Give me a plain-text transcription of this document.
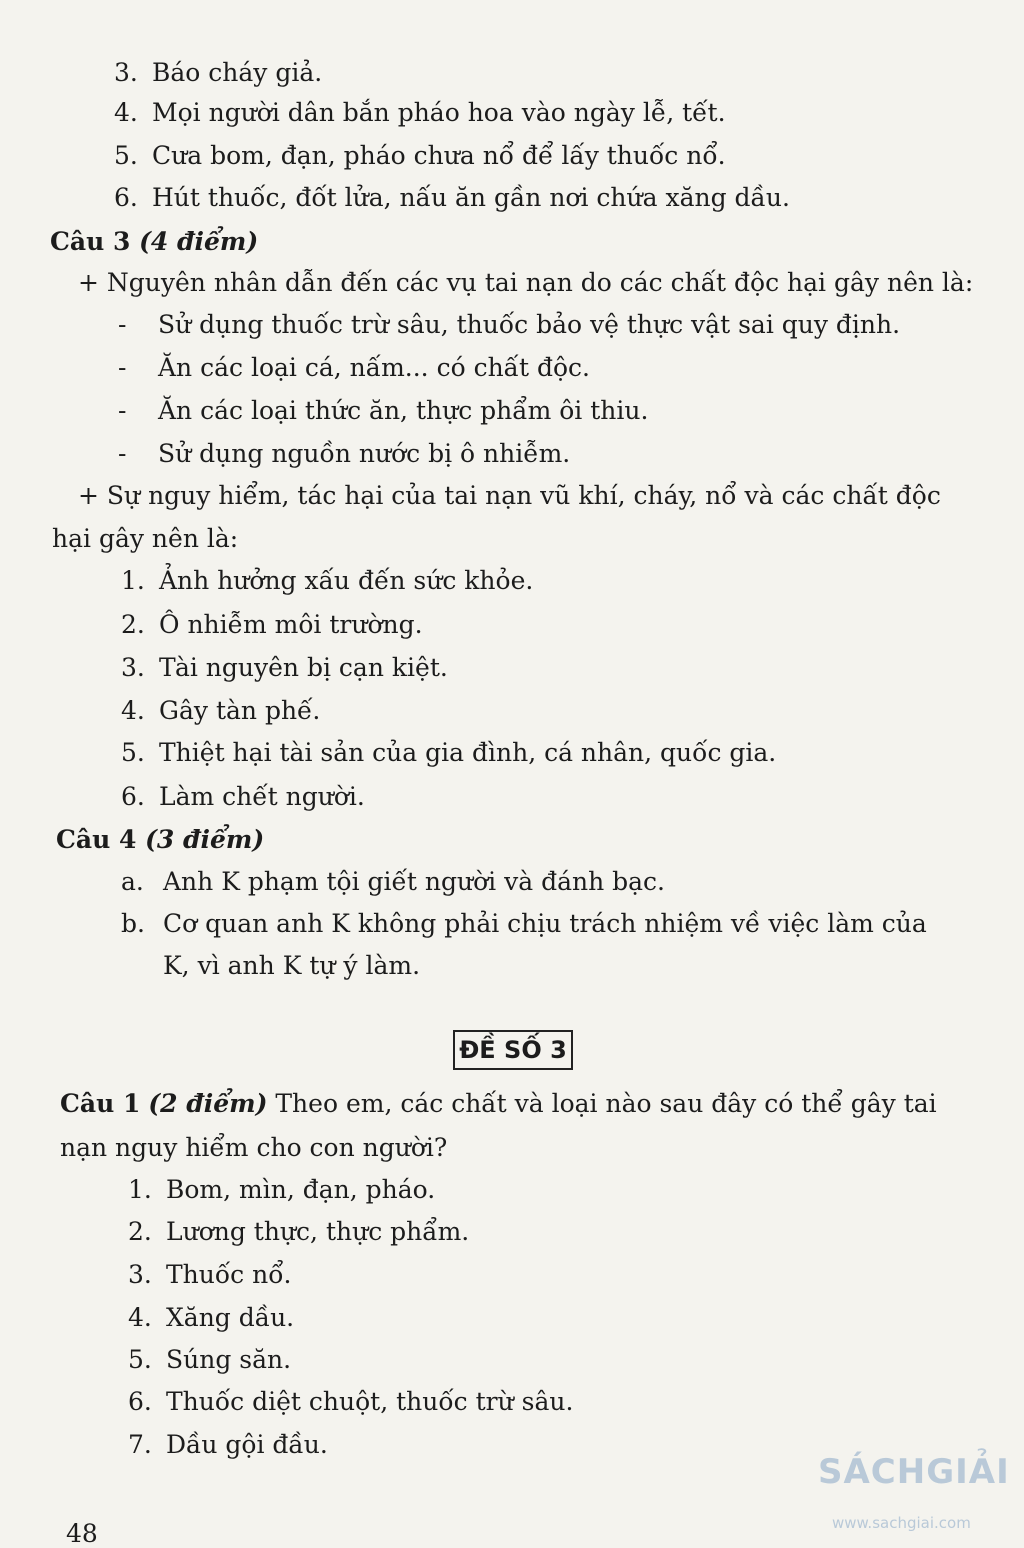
3. Báo cháy giả.
4. Mọi người dân bắn pháo hoa vào ngày lễ, tết.
5. Cưa bom, đạn, pháo chưa nổ để lấy thuốc nổ.
6. Hút thuốc, đốt lửa, nấu ăn gần nơi chứa xăng dầu.
Câu 3 (4 điểm)
+ Nguyên nhân dẫn đến các vụ tai nạn do các chất độc hại gây nên là:
- Sử dụng thuốc trừ sâu, thuốc bảo vệ thực vật sai quy định.
- Ăn các loại cá, nấm... có chất độc.
- Ăn các loại thức ăn, thực phẩm ôi thiu.
- Sử dụng nguồn nước bị ô nhiễm.
+ Sự nguy hiểm, tác hại của tai nạn vũ khí, cháy, nổ và các chất độc
hại gây nên là:
1. Ảnh hưởng xấu đến sức khỏe.
2. Ô nhiễm môi trường.
3. Tài nguyên bị cạn kiệt.
4. Gây tàn phế.
5. Thiệt hại tài sản của gia đình, cá nhân, quốc gia.
6. Làm chết người.
Câu 4 (3 điểm)
a. Anh K phạm tội giết người và đánh bạc.
b. Cơ quan anh K không phải chịu trách nhiệm về việc làm của
K, vì anh K tự ý làm.
ĐỀ SỐ 3
Câu 1 (2 điểm) Theo em, các chất và loại nào sau đây có thể gây tai
nạn nguy hiểm cho con người?
1. Bom, mìn, đạn, pháo.
2. Lương thực, thực phẩm.
3. Thuốc nổ.
4. Xăng dầu.
5. Súng săn.
6. Thuốc diệt chuột, thuốc trừ sâu.
7. Dầu gội đầu.
48
SÁCHGIẢI
www.sachgiai.com
